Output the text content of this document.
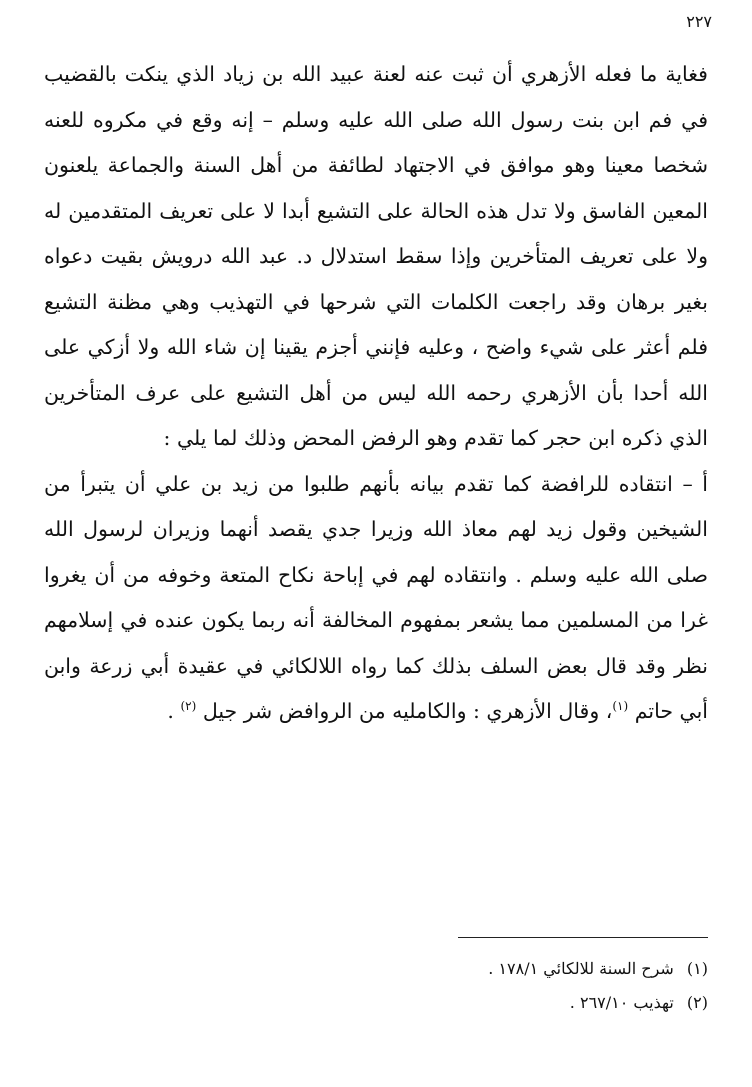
٢٢٧

فغاية ما فعله الأزهري أن ثبت عنه لعنة عبيد الله بن زياد الذي ينكت بالقضيب في فم ابن بنت رسول الله صلى الله عليه وسلم – إنه وقع في مكروه للعنه شخصا معينا وهو موافق في الاجتهاد لطائفة من أهل السنة والجماعة يلعنون المعين الفاسق ولا تدل هذه الحالة على التشيع أبدا لا على تعريف المتقدمين له ولا على تعريف المتأخرين وإذا سقط استدلال د. عبد الله درويش بقيت دعواه بغير برهان وقد راجعت الكلمات التي شرحها في التهذيب وهي مظنة التشيع فلم أعثر على شيء واضح ، وعليه فإنني أجزم يقينا إن شاء الله ولا أزكي على الله أحدا بأن الأزهري رحمه الله ليس من أهل التشيع على عرف المتأخرين الذي ذكره ابن حجر كما تقدم وهو الرفض المحض وذلك لما يلي :

أ – انتقاده للرافضة كما تقدم بيانه بأنهم طلبوا من زيد بن علي أن يتبرأ من الشيخين وقول زيد لهم معاذ الله وزيرا جدي يقصد أنهما وزيران لرسول الله صلى الله عليه وسلم . وانتقاده لهم في إباحة نكاح المتعة وخوفه من أن يغروا غرا من المسلمين مما يشعر بمفهوم المخالفة أنه ربما يكون عنده في إسلامهم نظر وقد قال بعض السلف بذلك كما رواه اللالكائي في عقيدة أبي زرعة وابن أبي حاتم $^{(١)}$، وقال الأزهري : والكامليه من الروافض شر جيل $^{(٢)}$ .

(١) شرح السنة للالكائي ١٧٨/١ .

(٢) تهذيب ٢٦٧/١٠ .
